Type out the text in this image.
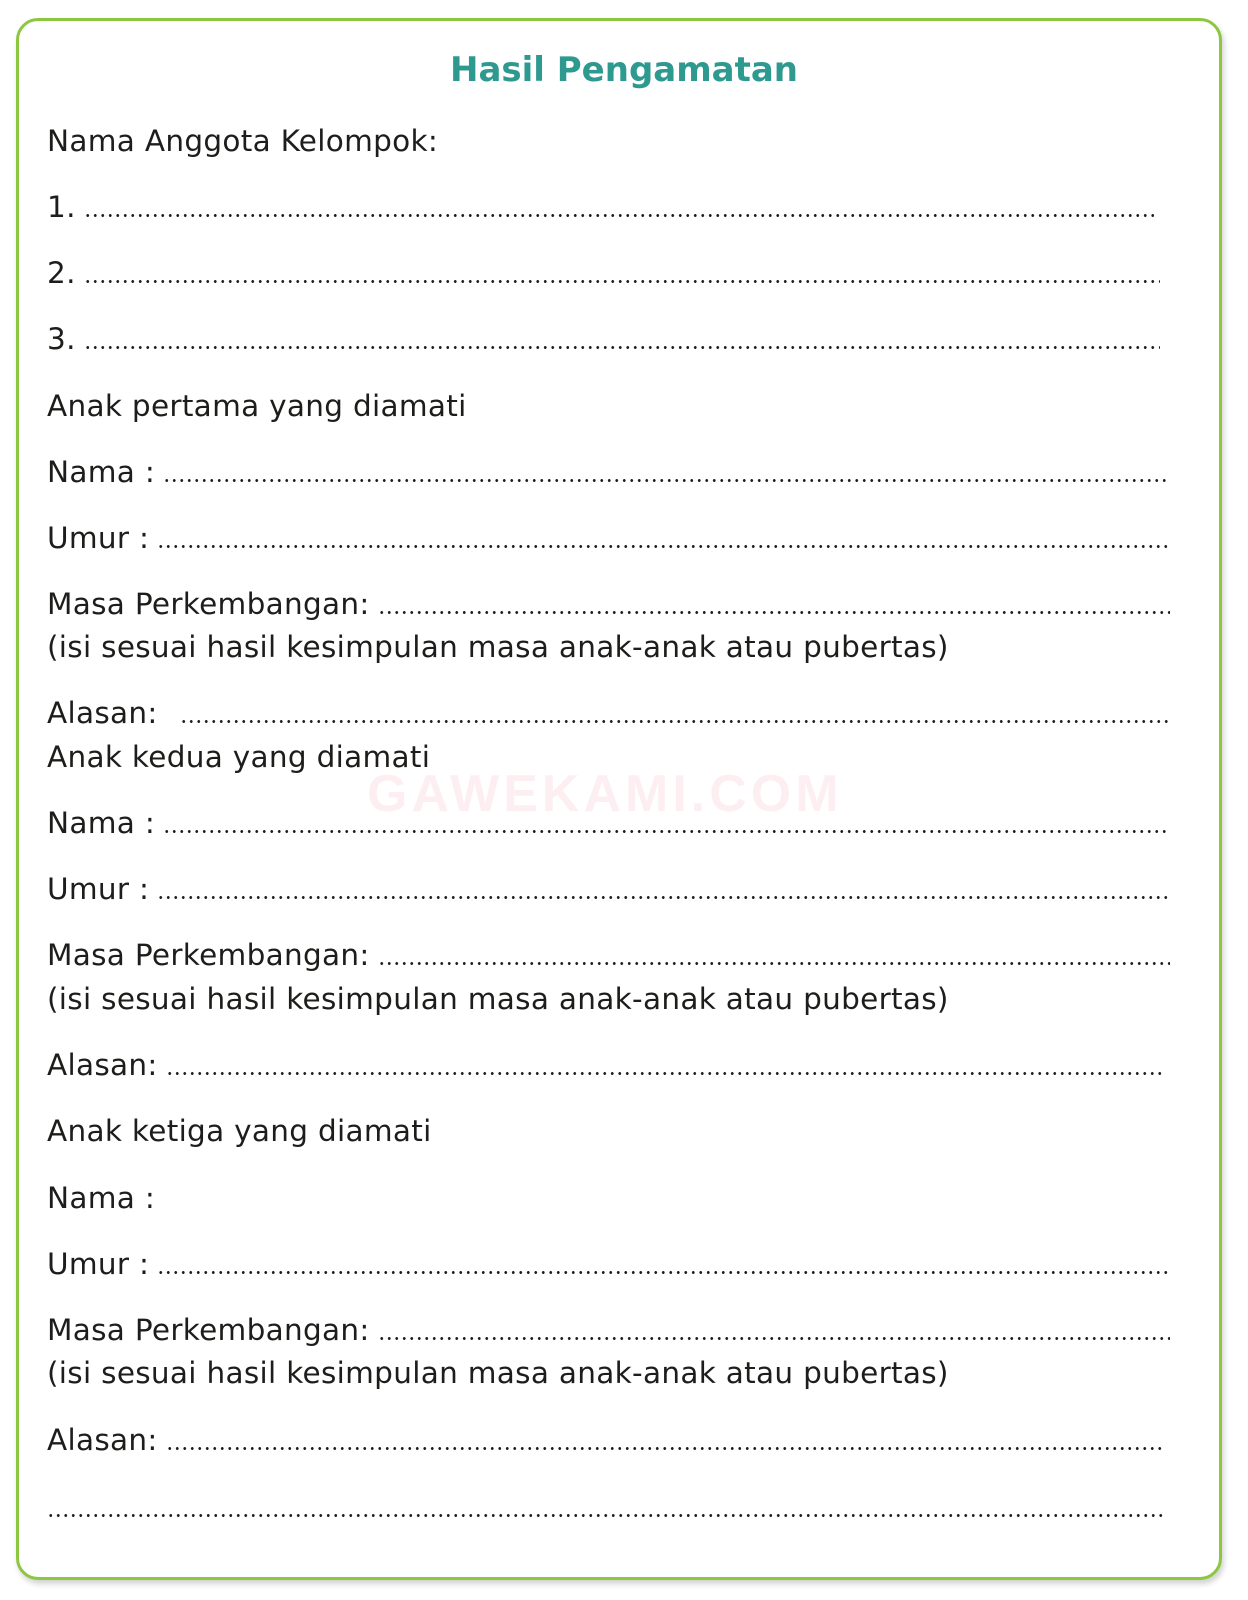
Hasil Pengamatan
Nama Anggota Kelompok:
1.
2.
3.
Anak pertama yang diamati
Nama :
Umur :
Masa Perkembangan:
(isi sesuai hasil kesimpulan masa anak-anak atau pubertas)
Alasan:
Anak kedua yang diamati
Nama :
Umur :
Masa Perkembangan:
(isi sesuai hasil kesimpulan masa anak-anak atau pubertas)
Alasan:
Anak ketiga yang diamati
Nama :
Umur :
Masa Perkembangan:
(isi sesuai hasil kesimpulan masa anak-anak atau pubertas)
Alasan:
GAWEKAMI.COM
